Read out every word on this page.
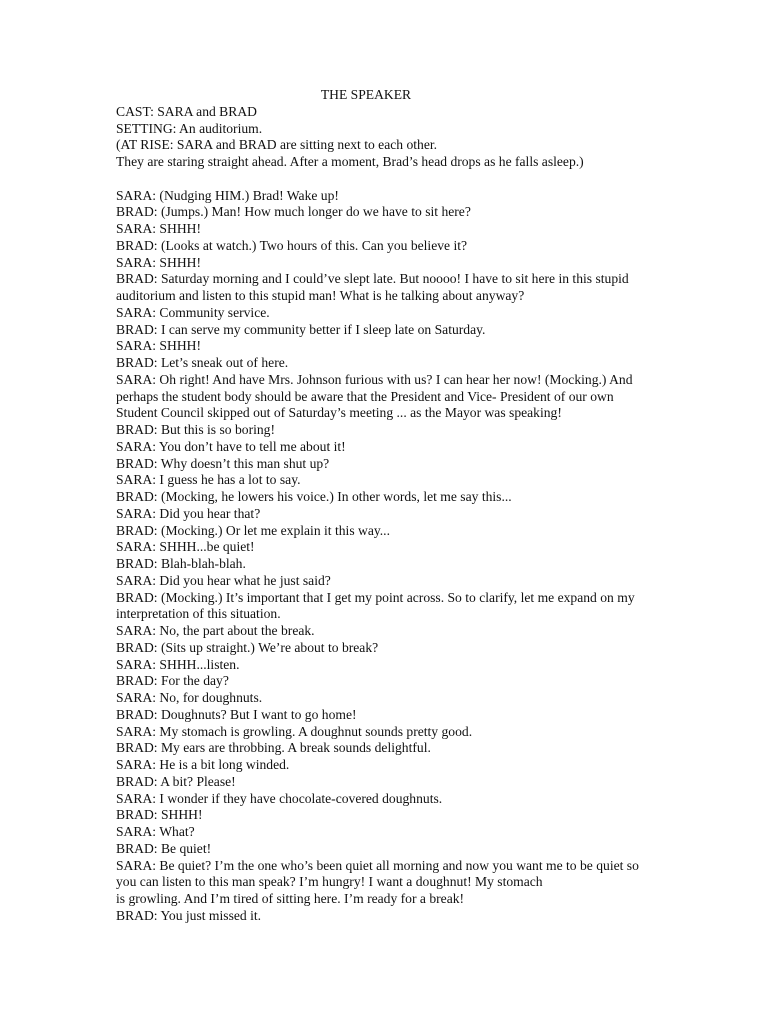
THE SPEAKER
CAST: SARA and BRAD
SETTING: An auditorium.
(AT RISE: SARA and BRAD are sitting next to each other.
They are staring straight ahead. After a moment, Brad’s head drops as he falls asleep.)
SARA: (Nudging HIM.) Brad! Wake up!
BRAD: (Jumps.) Man! How much longer do we have to sit here?
SARA: SHHH!
BRAD: (Looks at watch.) Two hours of this. Can you believe it?
SARA: SHHH!
BRAD: Saturday morning and I could’ve slept late. But noooo! I have to sit here in this stupid
auditorium and listen to this stupid man! What is he talking about anyway?
SARA: Community service.
BRAD: I can serve my community better if I sleep late on Saturday.
SARA: SHHH!
BRAD: Let’s sneak out of here.
SARA: Oh right! And have Mrs. Johnson furious with us? I can hear her now! (Mocking.) And
perhaps the student body should be aware that the President and Vice- President of our own
Student Council skipped out of Saturday’s meeting ... as the Mayor was speaking!
BRAD: But this is so boring!
SARA: You don’t have to tell me about it!
BRAD: Why doesn’t this man shut up?
SARA: I guess he has a lot to say.
BRAD: (Mocking, he lowers his voice.) In other words, let me say this...
SARA: Did you hear that?
BRAD: (Mocking.) Or let me explain it this way...
SARA: SHHH...be quiet!
BRAD: Blah-blah-blah.
SARA: Did you hear what he just said?
BRAD: (Mocking.) It’s important that I get my point across. So to clarify, let me expand on my
interpretation of this situation.
SARA: No, the part about the break.
BRAD: (Sits up straight.) We’re about to break?
SARA: SHHH...listen.
BRAD: For the day?
SARA: No, for doughnuts.
BRAD: Doughnuts? But I want to go home!
SARA: My stomach is growling. A doughnut sounds pretty good.
BRAD: My ears are throbbing. A break sounds delightful.
SARA: He is a bit long winded.
BRAD: A bit? Please!
SARA: I wonder if they have chocolate-covered doughnuts.
BRAD: SHHH!
SARA: What?
BRAD: Be quiet!
SARA: Be quiet? I’m the one who’s been quiet all morning and now you want me to be quiet so
you can listen to this man speak? I’m hungry! I want a doughnut! My stomach
is growling. And I’m tired of sitting here. I’m ready for a break!
BRAD: You just missed it.
